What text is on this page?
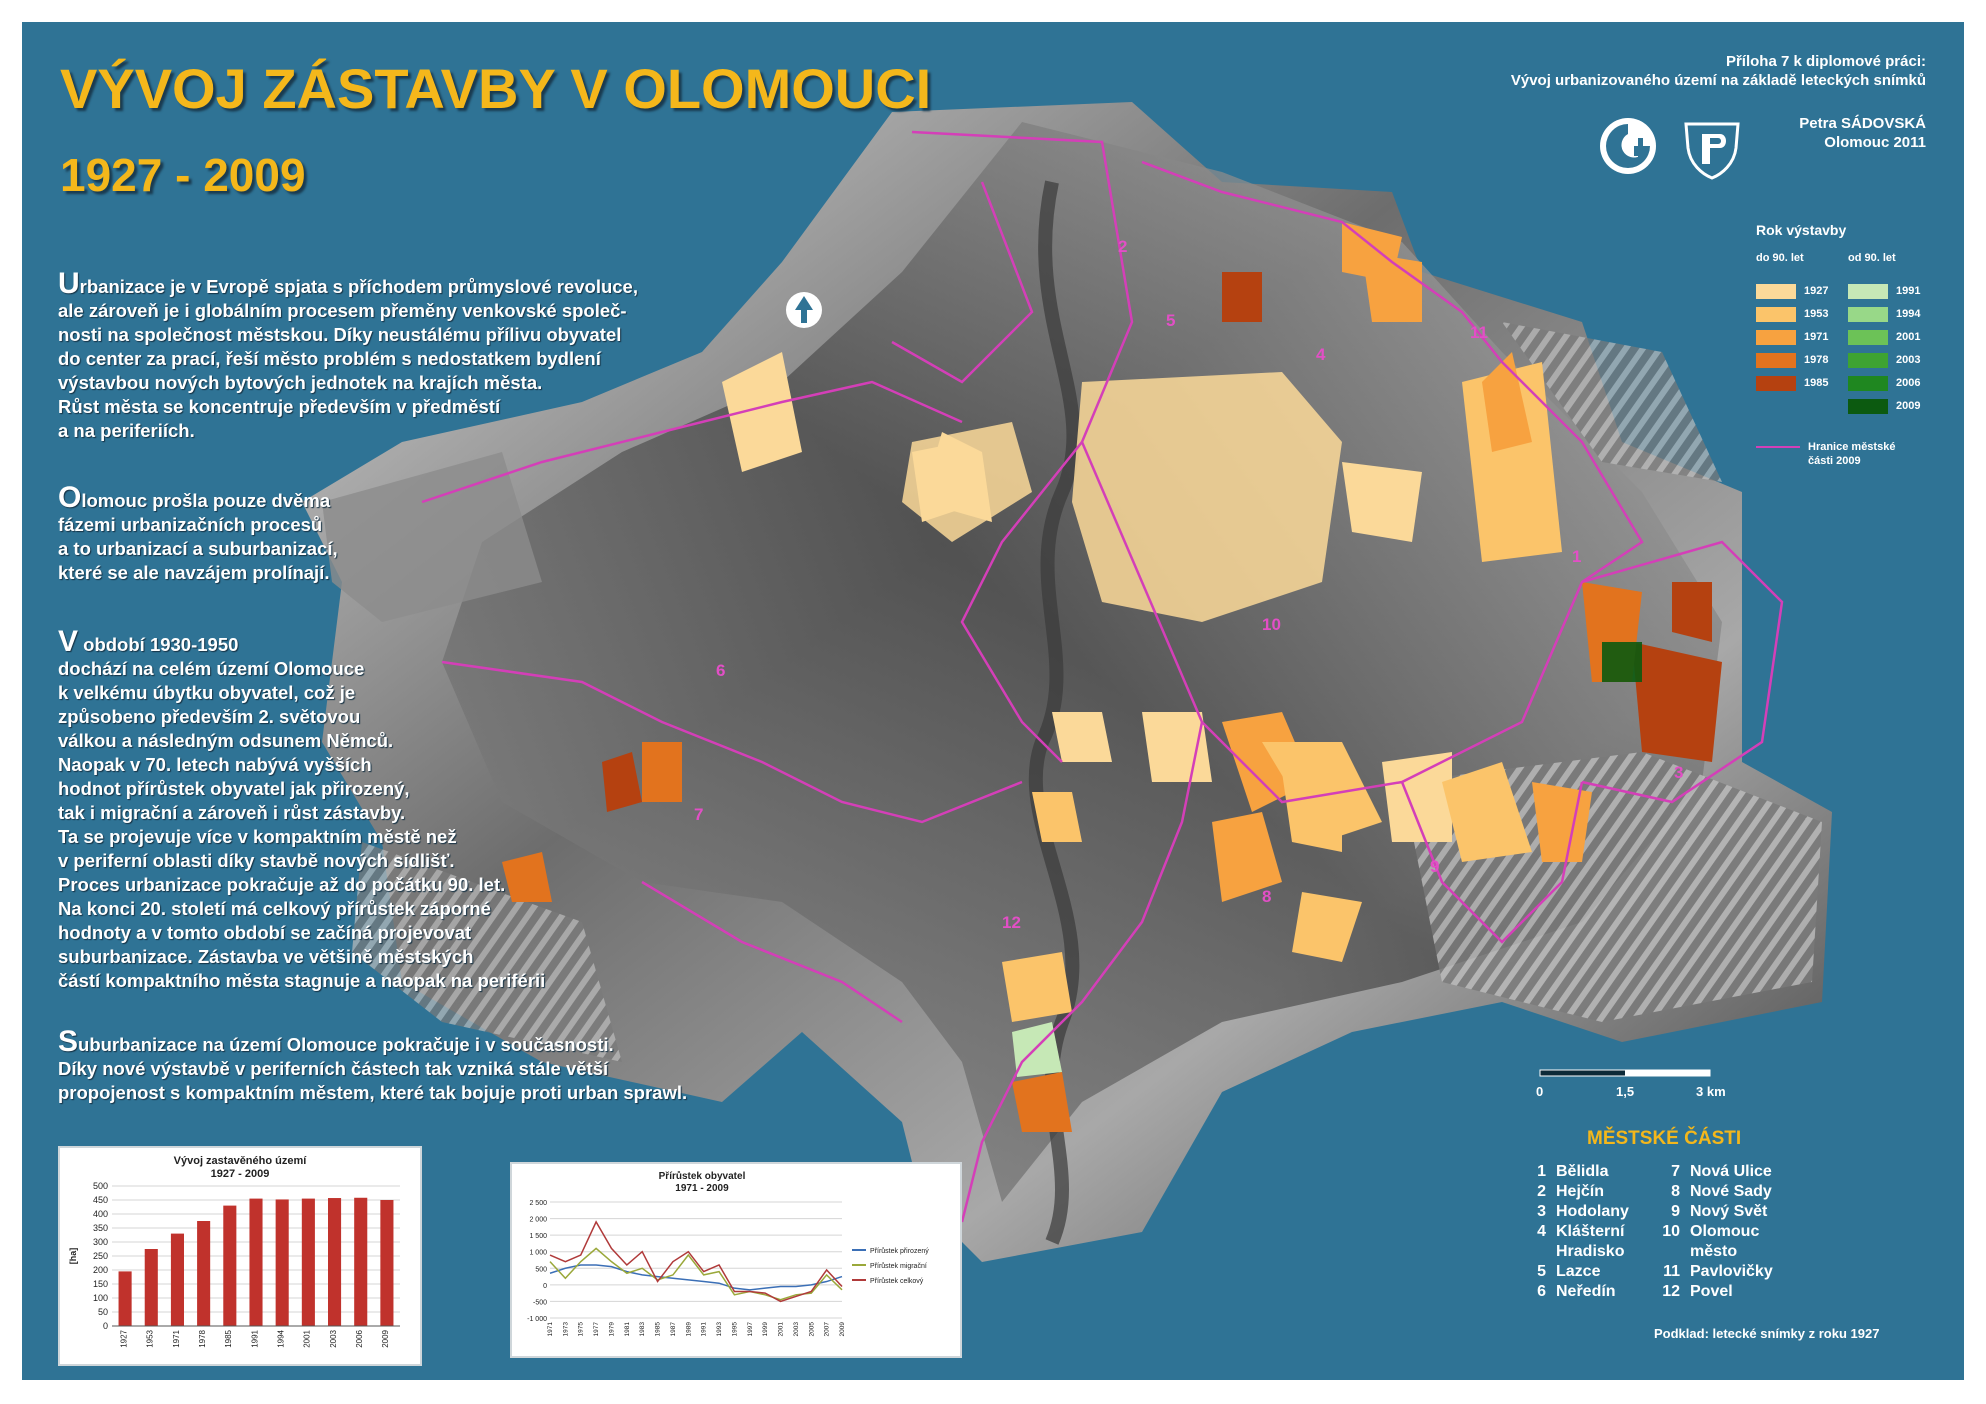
1
2
3
4
5
6
7
8
9
10
11
12
VÝVOJ ZÁSTAVBY V OLOMOUCI
1927 - 2009
Urbanizace je v Evropě spjata s příchodem průmyslové revoluce,
ale zároveň je i globálním procesem přeměny venkovské společ-
nosti na společnost městskou. Díky neustálému přílivu obyvatel
do center za prací, řeší město problém s nedostatkem bydlení
výstavbou nových bytových jednotek na krajích města.
Růst města se koncentruje především v předměstí
a na periferiích.
Olomouc prošla pouze dvěma
fázemi urbanizačních procesů
a to urbanizací a suburbanizací,
které se ale navzájem prolínají.
V období 1930-1950
dochází na celém území Olomouce
k velkému úbytku obyvatel, což je
způsobeno především 2. světovou
válkou a následným odsunem Němců.
Naopak v 70. letech nabývá vyšších
hodnot přírůstek obyvatel jak přirozený,
tak i migrační a zároveň i růst zástavby.
Ta se projevuje více v kompaktním městě než
v periferní oblasti díky stavbě nových sídlišť.
Proces urbanizace pokračuje až do počátku 90. let.
Na konci 20. století má celkový přírůstek záporné
hodnoty a v tomto období se začíná projevovat
suburbanizace. Zástavba ve většině městských
částí kompaktního města stagnuje a naopak na periférii
Suburbanizace na území Olomouce pokračuje i v současnosti.
Díky nové výstavbě v periferních částech tak vzniká stále větší
propojenost s kompaktním městem, které tak bojuje proti urban sprawl.
Příloha 7 k diplomové práci:
Vývoj urbanizovaného území na základě leteckých snímků
Petra SÁDOVSKÁ
Olomouc 2011
Rok výstavby
do 90. let	od 90. let
1927
1953
1971
1978
1985
1991
1994
2001
2003
2006
2009
Hranice městské
části 2009
0	1,5	3 km
MĚSTSKÉ ČÁSTI
1 Bělidla
2 Hejčín
3 Hodolany
4 Klášterní
Hradisko
5 Lazce
6 Neředín
7 Nová Ulice
8 Nové Sady
9 Nový Svět
10 Olomouc
město
11 Pavlovičky
12 Povel
Podklad: letecké snímky z roku 1927
Vývoj zastavěného území
1927 - 2009
0
50
100
150
200
250
300
350
400
450
500
[ha]
1927 1953 1971 1978 1985 1991 1994 2001 2003 2006 2009
Přírůstek obyvatel
1971 - 2009
2 500
2 000
1 500
1 000
500
0
-500
-1 000
1971 1973 1975 1977 1979 1981 1983 1985 1987 1989 1991 1993 1995 1997 1999 2001 2003 2005 2007 2009
Přírůstek přirozený
Přírůstek migrační
Přírůstek celkový
